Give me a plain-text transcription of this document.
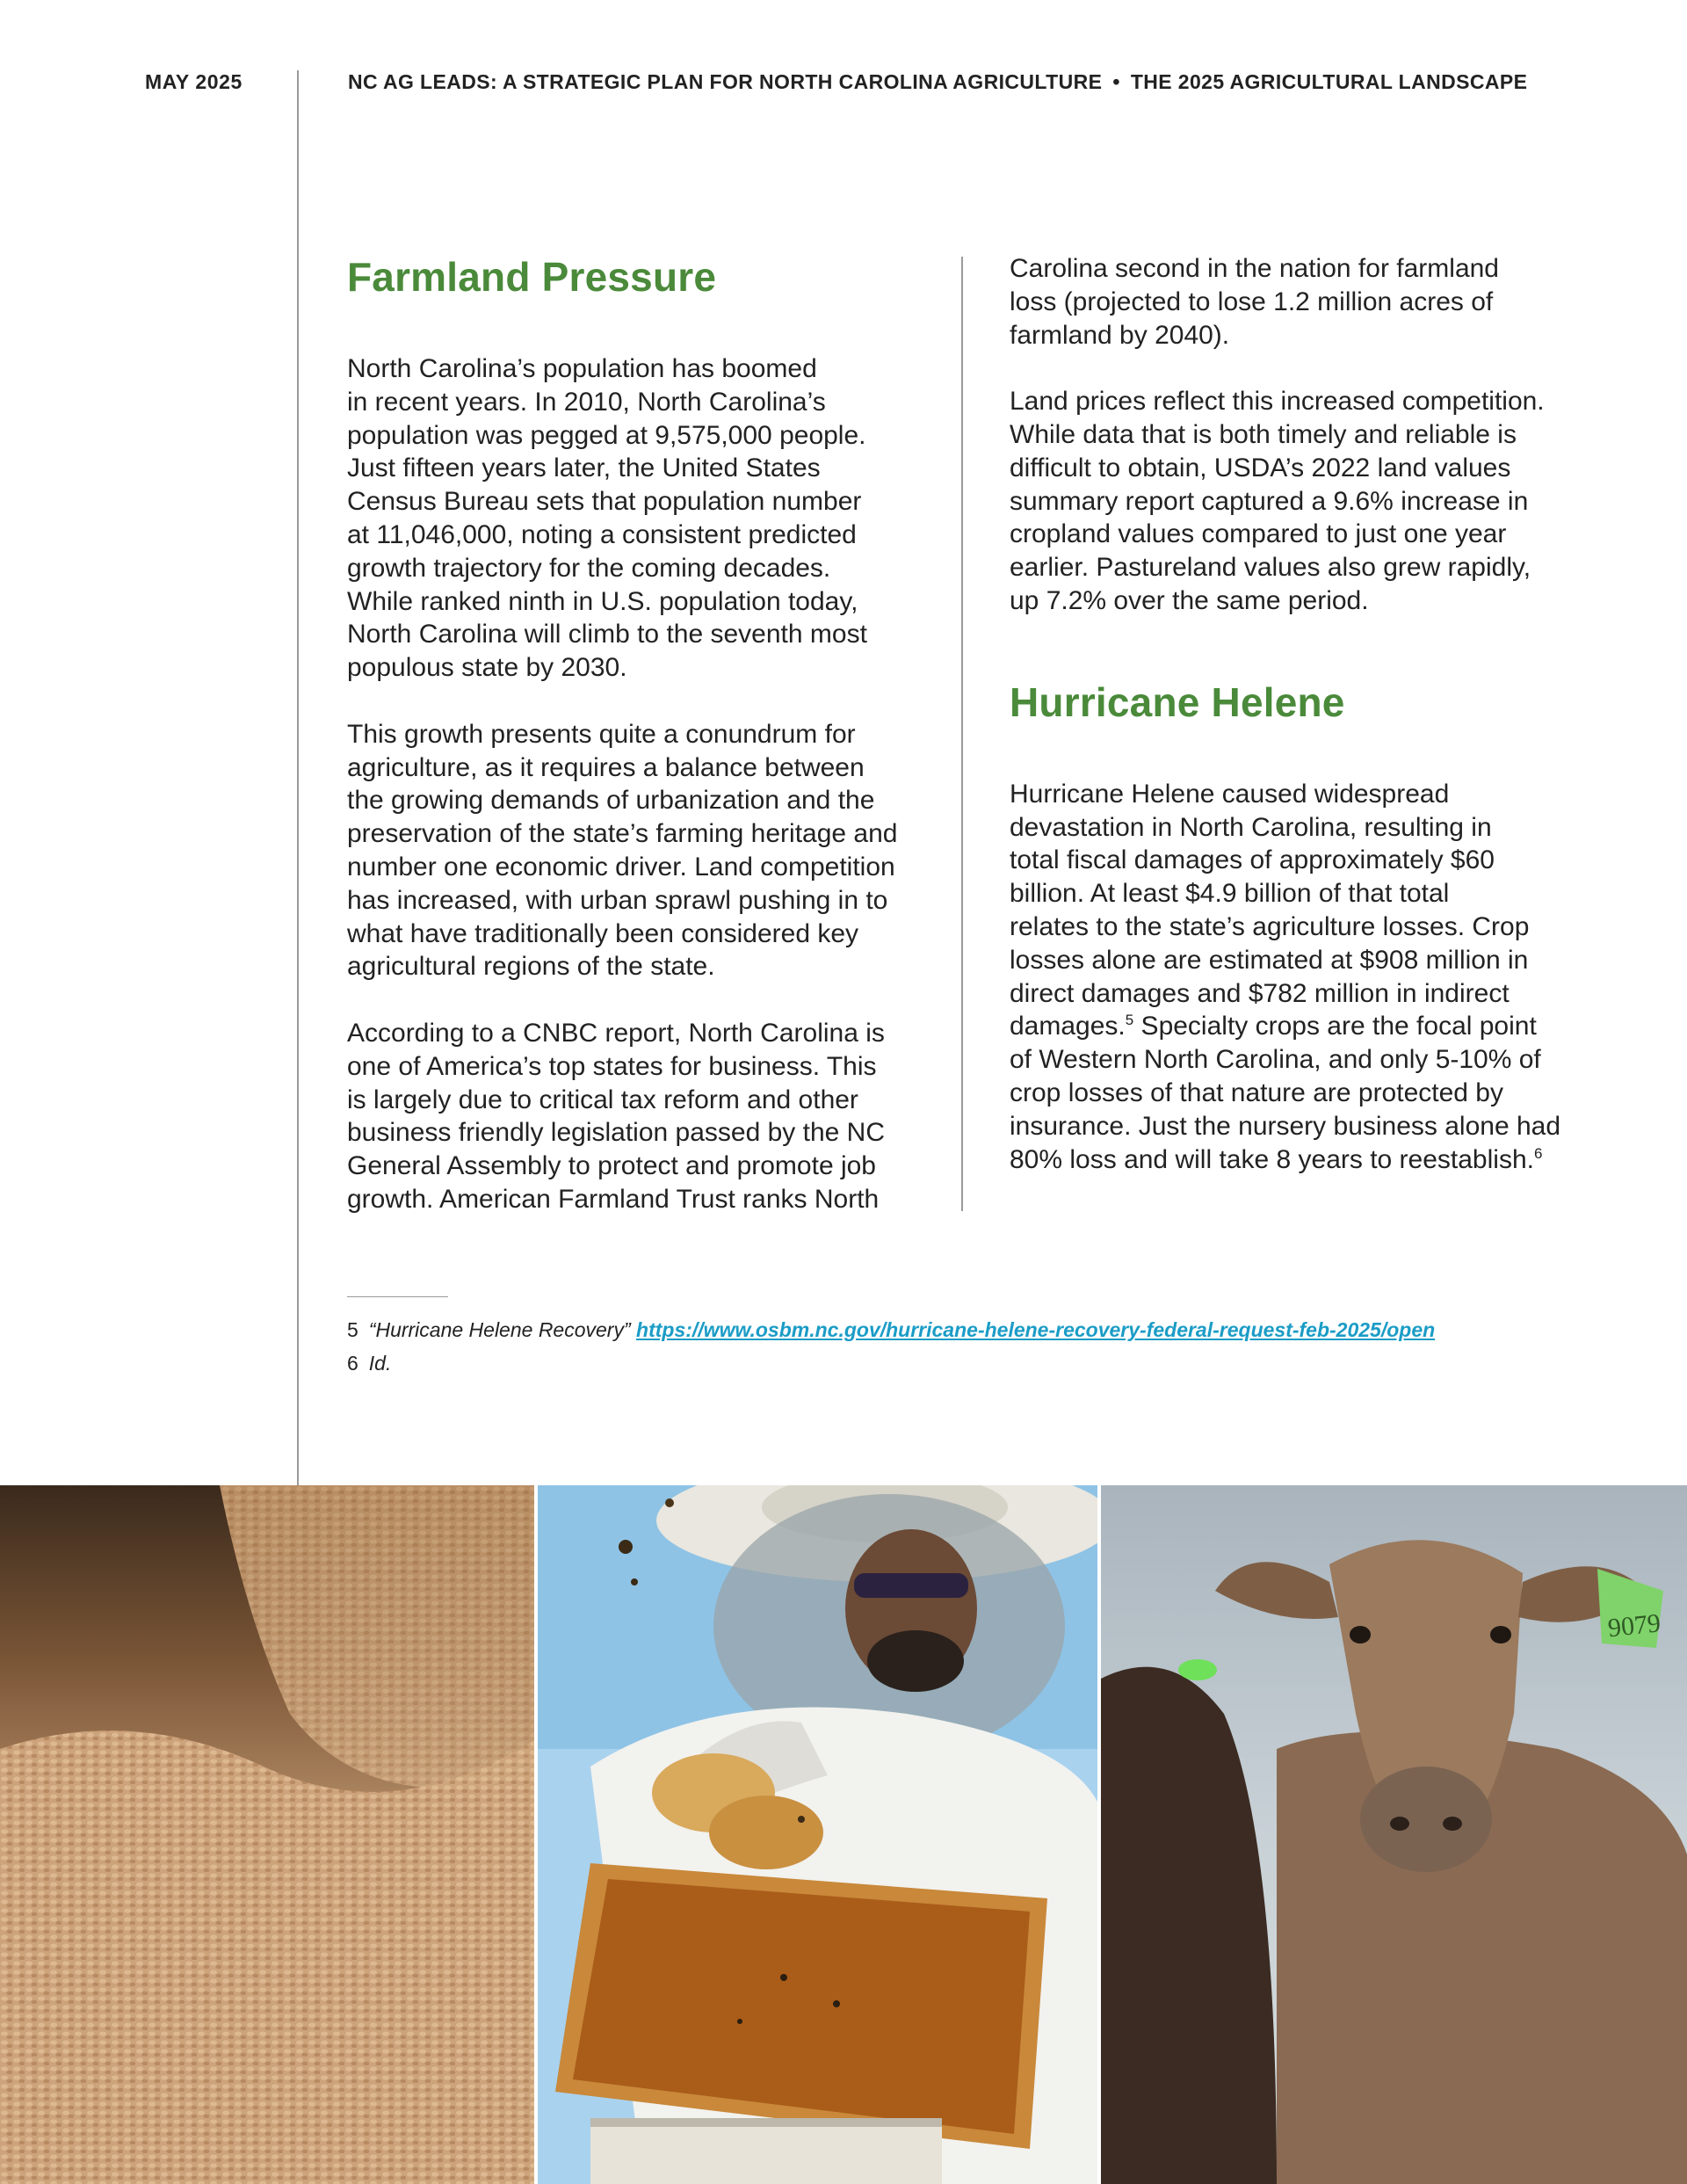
MAY 2025	NC AG LEADS: A STRATEGIC PLAN FOR NORTH CAROLINA AGRICULTURE • THE 2025 AGRICULTURAL LANDSCAPE
Farmland Pressure

North Carolina’s population has boomed
in recent years. In 2010, North Carolina’s
population was pegged at 9,575,000 people.
Just fifteen years later, the United States
Census Bureau sets that population number
at 11,046,000, noting a consistent predicted
growth trajectory for the coming decades.
While ranked ninth in U.S. population today,
North Carolina will climb to the seventh most
populous state by 2030.

This growth presents quite a conundrum for
agriculture, as it requires a balance between
the growing demands of urbanization and the
preservation of the state’s farming heritage and
number one economic driver. Land competition
has increased, with urban sprawl pushing in to
what have traditionally been considered key
agricultural regions of the state.

According to a CNBC report, North Carolina is
one of America’s top states for business. This
is largely due to critical tax reform and other
business friendly legislation passed by the NC
General Assembly to protect and promote job
growth. American Farmland Trust ranks North

Carolina second in the nation for farmland
loss (projected to lose 1.2 million acres of
farmland by 2040).

Land prices reflect this increased competition.
While data that is both timely and reliable is
difficult to obtain, USDA’s 2022 land values
summary report captured a 9.6% increase in
cropland values compared to just one year
earlier. Pastureland values also grew rapidly,
up 7.2% over the same period.

Hurricane Helene

Hurricane Helene caused widespread
devastation in North Carolina, resulting in
total fiscal damages of approximately $60
billion. At least $4.9 billion of that total
relates to the state’s agriculture losses. Crop
losses alone are estimated at $908 million in
direct damages and $782 million in indirect
damages.$^5$ Specialty crops are the focal point
of Western North Carolina, and only 5-10% of
crop losses of that nature are protected by
insurance. Just the nursery business alone had
80% loss and will take 8 years to reestablish.$^6$

5 “Hurricane Helene Recovery” https://www.osbm.nc.gov/hurricane-helene-recovery-federal-request-feb-2025/open
6 Id.
9079
